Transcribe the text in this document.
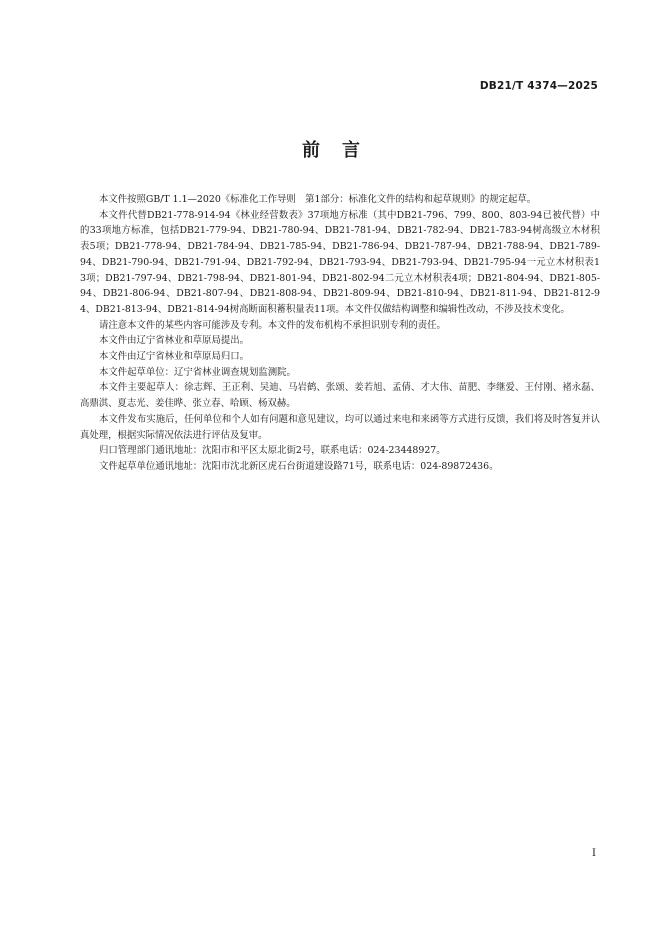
DB21/T 4374—2025
前言

本文件按照GB/T 1.1—2020《标准化工作导则　第1部分：标准化文件的结构和起草规则》的规定起草。

本文件代替DB21-778-914-94《林业经营数表》37项地方标准（其中DB21-796、799、800、803-94已被代替）中的33项地方标准，包括DB21-779-94、DB21-780-94、DB21-781-94、DB21-782-94、DB21-783-94树高级立木材积表5项；DB21-778-94、DB21-784-94、DB21-785-94、DB21-786-94、DB21-787-94、DB21-788-94、DB21-789-94、DB21-790-94、DB21-791-94、DB21-792-94、DB21-793-94、DB21-793-94、DB21-795-94一元立木材积表13项；DB21-797-94、DB21-798-94、DB21-801-94、DB21-802-94二元立木材积表4项；DB21-804-94、DB21-805-94、DB21-806-94、DB21-807-94、DB21-808-94、DB21-809-94、DB21-810-94、DB21-811-94、DB21-812-94、DB21-813-94、DB21-814-94树高断面积蓄积量表11项。本文件仅做结构调整和编辑性改动，不涉及技术变化。

请注意本文件的某些内容可能涉及专利。本文件的发布机构不承担识别专利的责任。

本文件由辽宁省林业和草原局提出。

本文件由辽宁省林业和草原局归口。

本文件起草单位：辽宁省林业调查规划监测院。

本文件主要起草人：徐志辉、王正利、吴迪、马岩鹤、张颂、姜若旭、孟倩、才大伟、苗肥、李继爱、王付刚、褚永磊、高鼎淇、夏志光、姜佳晔、张立春、哈顾、杨双赫。

本文件发布实施后，任何单位和个人如有问题和意见建议，均可以通过来电和来函等方式进行反馈，我们将及时答复并认真处理，根据实际情况依法进行评估及复审。

归口管理部门通讯地址：沈阳市和平区太原北街2号，联系电话：024-23448927。

文件起草单位通讯地址：沈阳市沈北新区虎石台街道建设路71号，联系电话：024-89872436。

I
